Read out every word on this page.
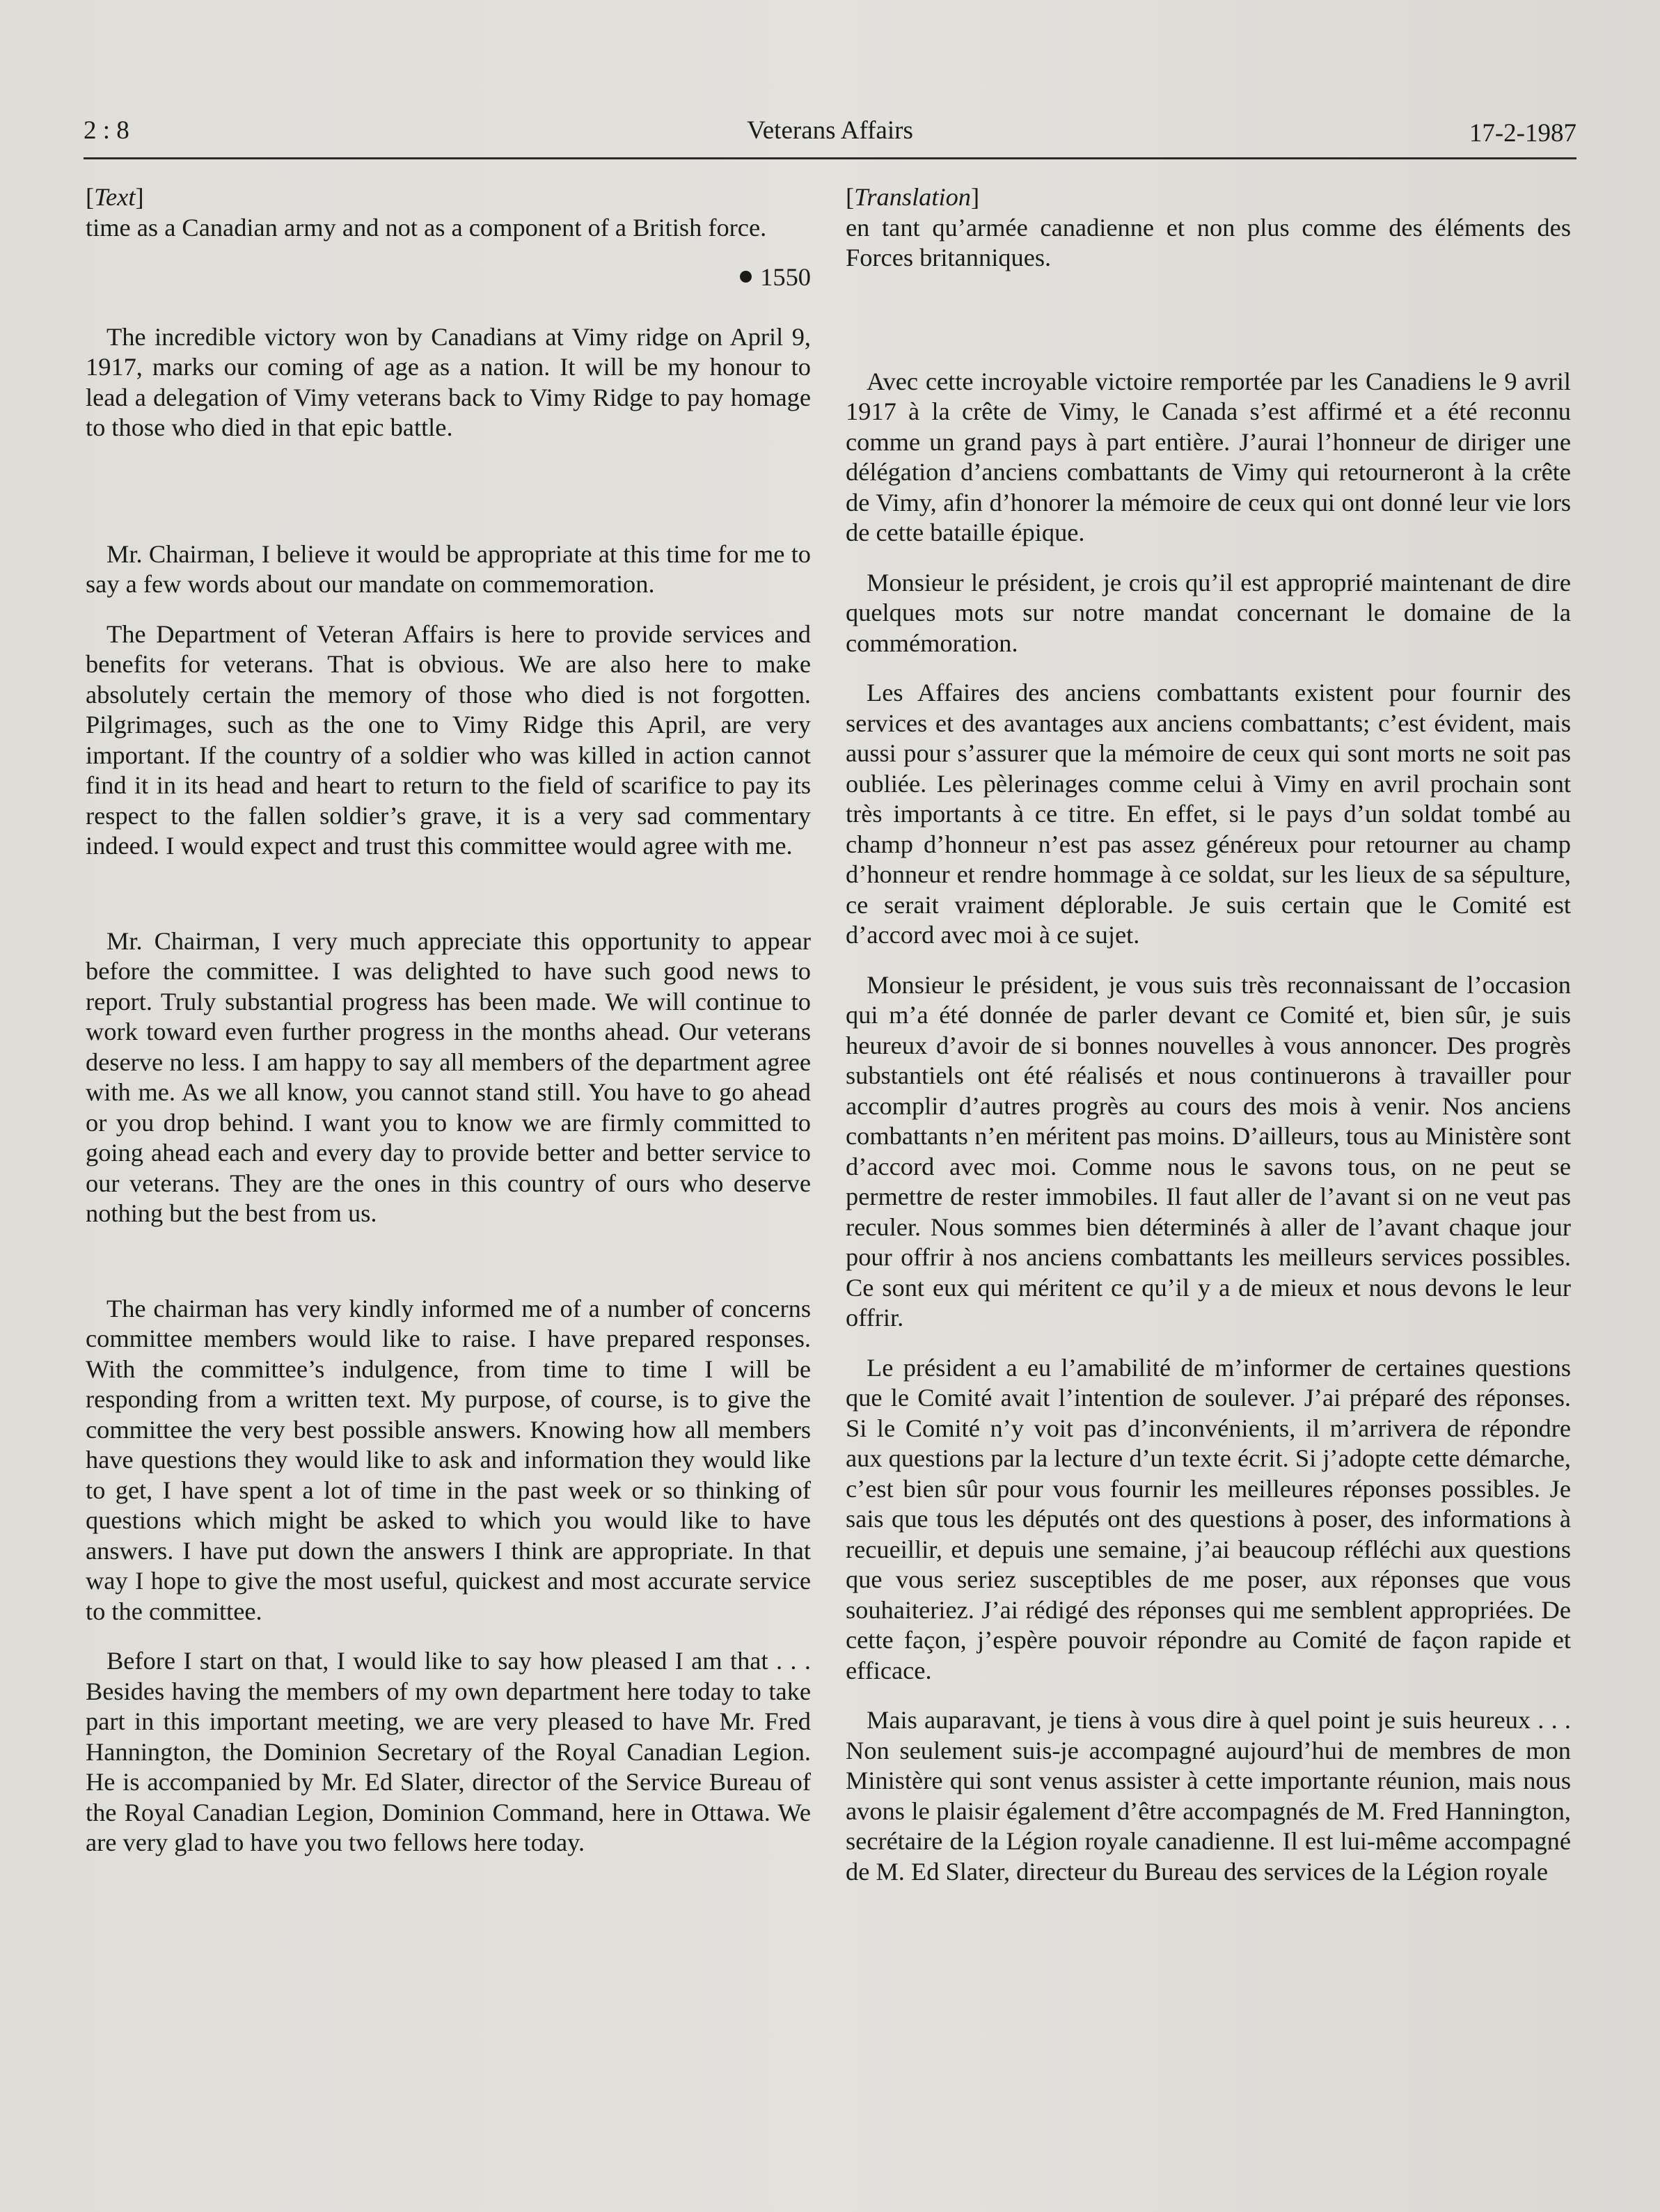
2 : 8	Veterans Affairs	17-2-1987

[Text]

time as a Canadian army and not as a component of a British force.

1550

The incredible victory won by Canadians at Vimy ridge on April 9, 1917, marks our coming of age as a nation. It will be my honour to lead a delegation of Vimy veterans back to Vimy Ridge to pay homage to those who died in that epic battle.

Mr. Chairman, I believe it would be appropriate at this time for me to say a few words about our mandate on commemoration.

The Department of Veteran Affairs is here to provide services and benefits for veterans. That is obvious. We are also here to make absolutely certain the memory of those who died is not forgotten. Pilgrimages, such as the one to Vimy Ridge this April, are very important. If the country of a soldier who was killed in action cannot find it in its head and heart to return to the field of scarifice to pay its respect to the fallen soldier’s grave, it is a very sad commentary indeed. I would expect and trust this committee would agree with me.

Mr. Chairman, I very much appreciate this opportunity to appear before the committee. I was delighted to have such good news to report. Truly substantial progress has been made. We will continue to work toward even further progress in the months ahead. Our veterans deserve no less. I am happy to say all members of the department agree with me. As we all know, you cannot stand still. You have to go ahead or you drop behind. I want you to know we are firmly committed to going ahead each and every day to provide better and better service to our veterans. They are the ones in this country of ours who deserve nothing but the best from us.

The chairman has very kindly informed me of a number of concerns committee members would like to raise. I have prepared responses. With the committee’s indulgence, from time to time I will be responding from a written text. My purpose, of course, is to give the committee the very best possible answers. Knowing how all members have questions they would like to ask and information they would like to get, I have spent a lot of time in the past week or so thinking of questions which might be asked to which you would like to have answers. I have put down the answers I think are appropriate. In that way I hope to give the most useful, quickest and most accurate service to the committee.

Before I start on that, I would like to say how pleased I am that . . . Besides having the members of my own department here today to take part in this important meeting, we are very pleased to have Mr. Fred Hannington, the Dominion Secretary of the Royal Canadian Legion. He is accompanied by Mr. Ed Slater, director of the Service Bureau of the Royal Canadian Legion, Dominion Command, here in Ottawa. We are very glad to have you two fellows here today.

[Translation]

en tant qu’armée canadienne et non plus comme des éléments des Forces britanniques.

Avec cette incroyable victoire remportée par les Canadiens le 9 avril 1917 à la crête de Vimy, le Canada s’est affirmé et a été reconnu comme un grand pays à part entière. J’aurai l’honneur de diriger une délégation d’anciens combattants de Vimy qui retourneront à la crête de Vimy, afin d’honorer la mémoire de ceux qui ont donné leur vie lors de cette bataille épique.

Monsieur le président, je crois qu’il est approprié maintenant de dire quelques mots sur notre mandat concernant le domaine de la commémoration.

Les Affaires des anciens combattants existent pour fournir des services et des avantages aux anciens combattants; c’est évident, mais aussi pour s’assurer que la mémoire de ceux qui sont morts ne soit pas oubliée. Les pèlerinages comme celui à Vimy en avril prochain sont très importants à ce titre. En effet, si le pays d’un soldat tombé au champ d’honneur n’est pas assez généreux pour retourner au champ d’honneur et rendre hommage à ce soldat, sur les lieux de sa sépulture, ce serait vraiment déplorable. Je suis certain que le Comité est d’accord avec moi à ce sujet.

Monsieur le président, je vous suis très reconnaissant de l’occasion qui m’a été donnée de parler devant ce Comité et, bien sûr, je suis heureux d’avoir de si bonnes nouvelles à vous annoncer. Des progrès substantiels ont été réalisés et nous continuerons à travailler pour accomplir d’autres progrès au cours des mois à venir. Nos anciens combattants n’en méritent pas moins. D’ailleurs, tous au Ministère sont d’accord avec moi. Comme nous le savons tous, on ne peut se permettre de rester immobiles. Il faut aller de l’avant si on ne veut pas reculer. Nous sommes bien déterminés à aller de l’avant chaque jour pour offrir à nos anciens combattants les meilleurs services possibles. Ce sont eux qui méritent ce qu’il y a de mieux et nous devons le leur offrir.

Le président a eu l’amabilité de m’informer de certaines questions que le Comité avait l’intention de soulever. J’ai préparé des réponses. Si le Comité n’y voit pas d’inconvénients, il m’arrivera de répondre aux questions par la lecture d’un texte écrit. Si j’adopte cette démarche, c’est bien sûr pour vous fournir les meilleures réponses possibles. Je sais que tous les députés ont des questions à poser, des informations à recueillir, et depuis une semaine, j’ai beaucoup réfléchi aux questions que vous seriez susceptibles de me poser, aux réponses que vous souhaiteriez. J’ai rédigé des réponses qui me semblent appropriées. De cette façon, j’espère pouvoir répondre au Comité de façon rapide et efficace.

Mais auparavant, je tiens à vous dire à quel point je suis heureux . . . Non seulement suis-je accompagné aujourd’hui de membres de mon Ministère qui sont venus assister à cette importante réunion, mais nous avons le plaisir également d’être accompagnés de M. Fred Hannington, secrétaire de la Légion royale canadienne. Il est lui-même accompagné de M. Ed Slater, directeur du Bureau des services de la Légion royale
